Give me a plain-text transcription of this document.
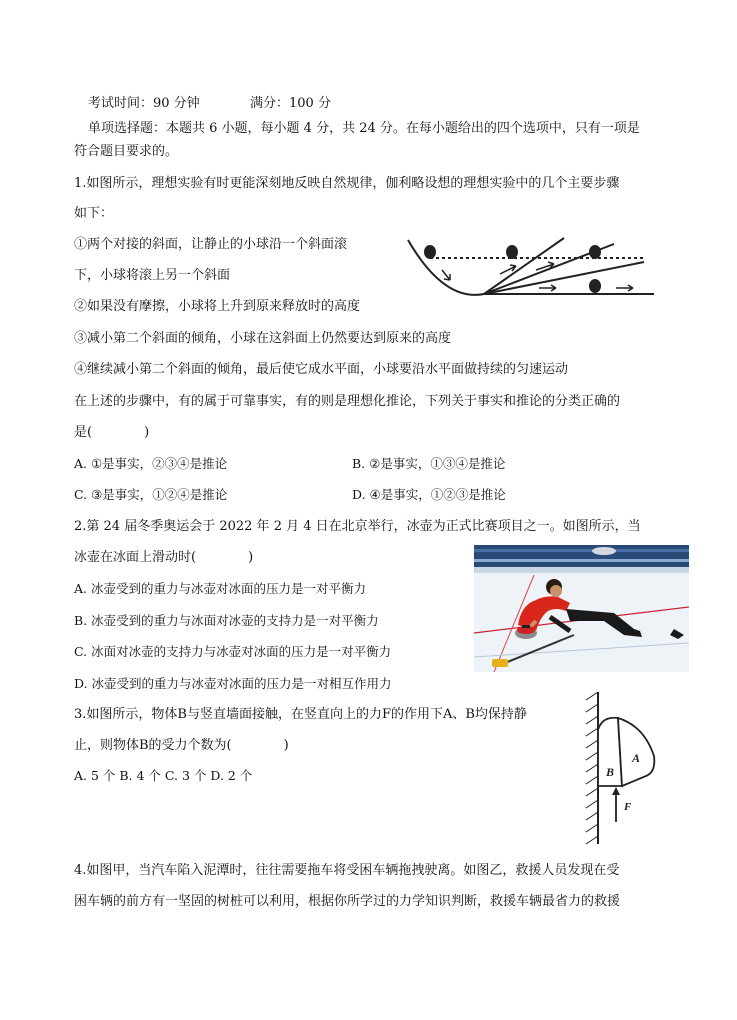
考试时间：90 分钟	满分：100 分
单项选择题：本题共 6 小题，每小题 4 分，共 24 分。在每小题给出的四个选项中，只有一项是
符合题目要求的。
1.如图所示，理想实验有时更能深刻地反映自然规律，伽利略设想的理想实验中的几个主要步骤
如下：
①两个对接的斜面，让静止的小球沿一个斜面滚
下，小球将滚上另一个斜面
②如果没有摩擦，小球将上升到原来释放时的高度
③减小第二个斜面的倾角，小球在这斜面上仍然要达到原来的高度
④继续减小第二个斜面的倾角，最后使它成水平面，小球要沿水平面做持续的匀速运动
在上述的步骤中，有的属于可靠事实，有的则是理想化推论，下列关于事实和推论的分类正确的
是(　　　　)
A. ①是事实，②③④是推论	B. ②是事实，①③④是推论
C. ③是事实，①②④是推论	D. ④是事实，①②③是推论
2.第 24 届冬季奥运会于 2022 年 2 月 4 日在北京举行，冰壶为正式比赛项目之一。如图所示，当
冰壶在冰面上滑动时(　　　　)
A. 冰壶受到的重力与冰壶对冰面的压力是一对平衡力
B. 冰壶受到的重力与冰面对冰壶的支持力是一对平衡力
C. 冰面对冰壶的支持力与冰壶对冰面的压力是一对平衡力
D. 冰壶受到的重力与冰壶对冰面的压力是一对相互作用力
3.如图所示，物体B与竖直墙面接触，在竖直向上的力F的作用下A、B均保持静
止，则物体B的受力个数为(　　　　)
A. 5 个 B. 4 个 C. 3 个 D. 2 个	B
A
F
4.如图甲，当汽车陷入泥潭时，往往需要拖车将受困车辆拖拽驶离。如图乙，救援人员发现在受
困车辆的前方有一坚固的树桩可以利用，根据你所学过的力学知识判断，救援车辆最省力的救援
